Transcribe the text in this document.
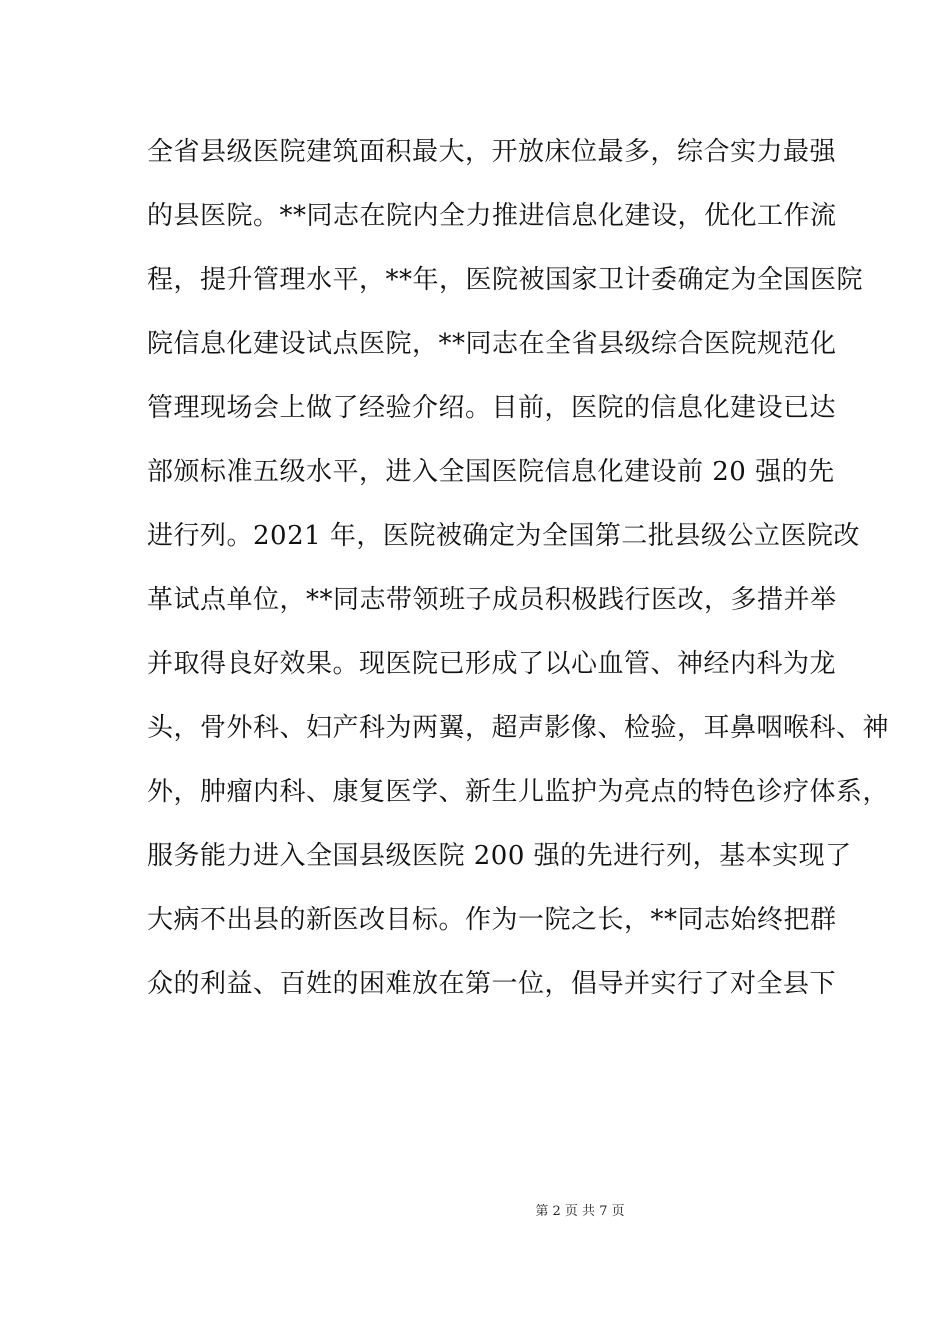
全省县级医院建筑面积最大，开放床位最多，综合实力最强
的县医院。**同志在院内全力推进信息化建设，优化工作流
程，提升管理水平，**年，医院被国家卫计委确定为全国医院
院信息化建设试点医院，**同志在全省县级综合医院规范化
管理现场会上做了经验介绍。目前，医院的信息化建设已达
部颁标准五级水平，进入全国医院信息化建设前 20 强的先
进行列。2021 年，医院被确定为全国第二批县级公立医院改
革试点单位，**同志带领班子成员积极践行医改，多措并举
并取得良好效果。现医院已形成了以心血管、神经内科为龙
头，骨外科、妇产科为两翼，超声影像、检验，耳鼻咽喉科、神
外，肿瘤内科、康复医学、新生儿监护为亮点的特色诊疗体系，
服务能力进入全国县级医院 200 强的先进行列，基本实现了
大病不出县的新医改目标。作为一院之长，**同志始终把群
众的利益、百姓的困难放在第一位，倡导并实行了对全县下
第 2 页 共 7 页
